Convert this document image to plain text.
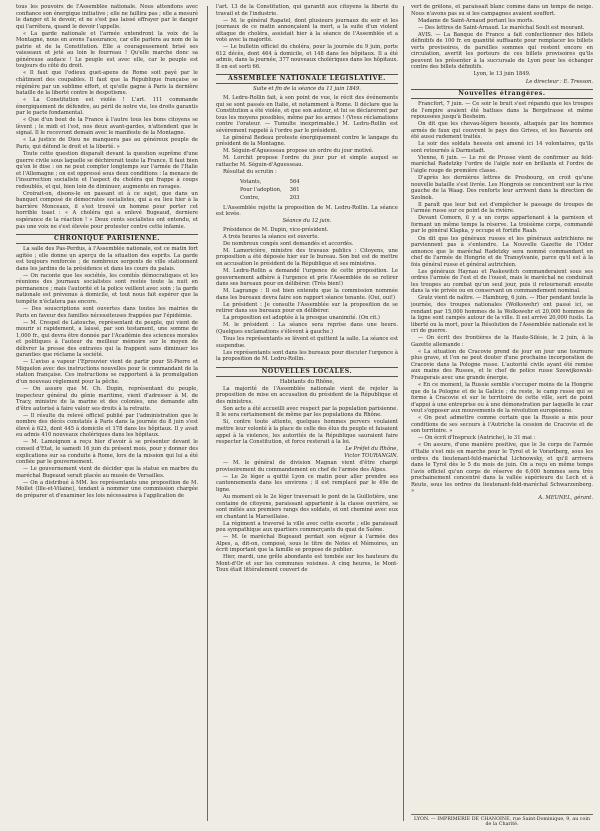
tous les pouvoirs de l'Assemblée nationale. Nous attendons avec confiance son énergique initiative ; elle ne faillira pas ; elle a mesuré le danger et le devoir, et ne s'est pas laissé effrayer par le danger qui l'arrêtera, quand le devoir l'appelle.

« La garde nationale et l'armée entendront la voix de la Montagne, nous en avons l'assurance, car elle parlera au nom de la patrie et de la Constitution. Elle a courageusement brisé ses vaisseaux et jeté au loin le fourreau ! Qu'elle marche donc sa généreuse audace ! Le peuple est avec elle, car le peuple est toujours du côté du droit.

« Il faut que l'odieux guet-apens de Rome soit payé par le châtiment des coupables. Il faut que la République française se régénère par un sublime effort, et qu'elle gagne à Paris la dernière bataille de la liberté contre le despotisme.

« La Constitution est violée ! L'art. 111 commande énergiquement de défendre, au péril de notre vie, les droits garantis par le pacte fondamental.

« Que d'un bout de la France à l'autre tous les bons citoyens se lèvent ; le midi et l'est, nos deux avant-gardes, n'attendent que le signal. Il le recevront demain avec le manifeste de la Montagne.

« La justice de Dieu ne manquera pas au généreux peuple de Paris, qui défend le droit et la liberté. »

Toute cette question disparaît devant la question suprême d'une guerre civile sous laquelle se déchirerait toute la France. Il faut bien qu'on le dise : on ne peut compter longtemps sur l'armée de l'Italie et l'Allemagne ; on est oppressé sous deux conditions : la menace de l'insurrection socialiste et l'aspect du choléra qui frappe à coups redoublés, et qui, bien loin de diminuer, augmente en ravages.

Croirait-on, disons-le en passant et à ce sujet, que dans un banquet composé de démocrates socialistes, qui a eu lieu hier à la barrière Monceaux, il s'est trouvé un homme pour porter cet horrible toast : « A choléra qui a enlevé Bugeaud, derniere espérance de la réaction ! » Deux cents socialistes ont entendu, et pas une voix ne s'est élevée pour protester contre cette infamie.

CHRONIQUE PARISIENNE.

La salle des Pas-Perdus, à l'Assemblée nationale, est ce matin fort agitée ; elle donne un aperçu de la situation des esprits. La garde est toujours renforcée ; de nombreux sergents de ville stationnent dans les jardins de la présidence et dans les cours du palais.

— On raconte que les sociétés, les comités démocratiques et les réunions des journaux socialistes sont restés toute la nuit en permanence ; mais l'autorité et la police veillent avec soin ; la garde nationale est prévenue à domicile, et tout nous fait espérer que la tempête n'éclatera pas encore.

— Des souscriptions sont ouvertes dans toutes les mairies de Paris en faveur des familles nécessiteuses frappées par l'épidémie.

— M. Crespel de Latouche, représentant du peuple, qui vient de mourir si rapidement, a laissé, par son testament, une somme de 1,000 fr., qui devra être donnée par l'Académie des sciences morales et politiques à l'auteur du meilleur mémoire sur le moyen de délivrer la presse des entraves qui la frappent sans diminuer les garanties que réclame la société.

— L'avisо a vapeur l'Eprouvier vient de partir pour St-Pierre et Miquelon avec des instructions nouvelles pour le commandant de la station française. Ces instructions se rapportent à la promulgation d'un nouveau règlement pour la pêche.

— On assure que M. Ch. Dupin, représentant du peuple, inspecteur général du génie maritime, vient d'adresser à M. de Tracy, ministre de la marine et des colonies, une demande afin d'être autorisé à faire valoir ses droits à la retraite.

— Il résulte du relevé officiel publié par l'administration que le nombre des décès constatés à Paris dans la journée du 8 juin s'est élevé à 623, dont 445 à domicile et 178 dans les hôpitaux. Il y avait eu admis 410 nouveaux cholériques dans les hôpitaux.

— M. Lamoignon a reçu hier d'avoir à se présenter devant le conseil d'Etat, le samedi 16 juin du présent mois, pour y donner des explications sur sa conduite à Rome, lors de la mission qui lui a été confiée par le gouvernement.

— Le gouvernement vient de décider que la statue en marbre du maréchal Bugeaud serait placée au musée de Versailles.

— On a distribué à MM. les représentants une proposition de M. Mollet (Ille-et-Vilaine), tendant à nommer une commission chargée de préparer et d'examiner les lois nécessaires à l'application de

l'art. 13 de la Constitution, qui garantit aux citoyens la liberté du travail et de l'industrie.

— M. le général Rapatel, dont plusieurs journaux du soir et les journaux de ce matin annonçaient la mort, a la suite d'un violent attaque de choléra, assistait hier à la séance de l'Assemblée et a voté avec la majorité.

— Le bulletin officiel du choléra, pour la journée du 9 juin, porte 612 décès, dont 464 à domicile, et 148 dans les hôpitaux. Il a été admis, dans la journée, 377 nouveaux cholériques dans les hôpitaux. Il en est sorti 66.

ASSEMBLÉE NATIONALE LÉGISLATIVE.
Suite et fin de la séance du 11 juin 1849.

M. Ledru-Rollin fait, à son point de vue, le récit des événements qui se sont passés en Italie, et notamment à Rome. Il déclare que la Constitution a été violée, et que son auteur, et lui se déclareront par tous les moyens possibles, même par les armes ! (Vives réclamations contre l'orateur. — Tumulte inexprimable.) M. Ledru-Rollin est sévèrement rappelé à l'ordre par le président.

Le général Bedeau proteste énergiquement contre le langage du président de la Montagne.

M. Séguin-d'Aguesseau propose un ordre du jour motivé.

M. Lorchit propose l'ordre du jour pur et simple auquel se rattache M. Séguin-d'Aguesseau.

Résultat du scrutin :

Votants,	564
Pour l'adoption,	361
Contre,	203

L'Assemblée rejette la proposition de M. Ledru-Rollin. La séance est levée.

Séance du 12 juin.

Présidence de M. Dupin, vice-président.

A trois heures la séance est ouverte.

De nombreux congés sont demandés et accordés.

M. Lamoricière, ministre des travaux publics : Citoyens, une proposition a été déposée hier sur le bureau. Son but est de mettre en accusation le président de la République et ses ministres.

M. Ledru-Rollin a demandé l'urgence de cette proposition. Le gouvernement adhère à l'urgence et prie l'Assemblée de se retirer dans ses bureaux pour en délibérer. (Très bien!)

M. Lagrange : Il est bien entendu que la commission nommée dans les bureaux devra faire son rapport séance tenante. (Oui, oui!)

Le président : Je consulte l'Assemblée sur la proposition de se retirer dans ses bureaux pour en délibérer.

La proposition est adoptée à la presque unanimité. (On rit.)

M. le président : La séance sera reprise dans une heure. (Quelques exclamations s'élèvent à gauche.)

Tous les représentants se lèvent et quittent la salle. La séance est suspendue.

Les représentants sont dans les bureaux pour discuter l'urgence à la proposition de M. Ledru-Rollin.

NOUVELLES LOCALES.

Habitants du Rhône,

La majorité de l'Assemblée nationale vient de rejeter la proposition de mise en accusation du président de la République et des ministres.

Son acte a été accueilli avec respect par la population parisienne. Il le sera certainement de même par les populations du Rhône.

Si, contre toute attente, quelques hommes pervers voulaient mettre leur volonté à la place de celle des élus du peuple et faisaient appel à la violence, les autorités de la République sauraient faire respecter la Constitution, et force resterait à la loi.

Le Préfet du Rhône,

Victor TOURANGIN.

— M. le général de division Magnan vient d'être chargé provisoirement du commandement en chef de l'armée des Alpes.

— Le 2e léger a quitté Lyon ce matin pour aller prendre ses cantonnements dans les environs ; il est remplacé par le 49e de ligne.

Au moment où le 2e léger traversait le pont de la Guillotière, une centaine de citoyens, paraissant appartenir à la classe ouvrière, se sont mêlés aux premiers rangs des soldats, et ont cheminé avec eux en chantant la Marseillaise.

La régiment a traversé la ville avec cette escorte ; elle paraissait peu sympathique aux quartiers commerçants du quai de Saône.

— M. le maréchal Bugeaud perdait son séjour à l'armée des Alpes, a, dit-on, composé, sous le titre de Notes et Mémoires, un écrit important que la famille se propose de publier.

Hier, mardi, une grêle abondante est tombée sur les hauteurs du Mont-d'Or et sur les communes voisines. A cinq heures, le Mont-Toux était littéralement couvert de

vert de grêlons, et paraissait blanc comme dans un temps de neige. Nous n'avons pas su si les campagnes avaient souffert.

Madame de Saint-Arnaud portant les morts.

— Des lettres de Saint-Arnaud. Le maréchal Soult est mourant.

AVIS. — La Banque de France a fait confectionner des billets définitifs de 100 fr. en quantité suffisante pour remplacer les billets verts provisoires, de pareilles sommes qui restent encore en circulation, avertit les porteurs de ces billets provisoires qu'ils peuvent les présenter à la succursale de Lyon pour les échanger contre des billets définitifs.

Lyon, le 13 juin 1849.

Le directeur : E. Tresson.

Nouvelles étrangères.

Francfort, 7 juin. — Ce soir le bruit s'est répandu que les troupes de l'empire avaient été battues dans la Bergstrasse et même repoussées jusqu'à Besheim.

On dit que les chevau-légers hessois, attaqués par les hommes armés de faux qui couvrent le pays des Grives, et les Bavarois ont été aussi rudement traités.

Le soir des soldats hessois ont amené ici 14 volontaires, qu'ils sont retournés à Darmstadt.

Vienne, 6 juin. — Le roi de Prusse vient de confirmer au feld-maréchal Radetzky l'ordre de l'aigle noir en brillants et l'ordre de l'aigle rouge de première classe.

D'après les dernières lettres de Presbourg, on croit qu'une nouvelle bataille s'est livrée. Les Hongrois se concentrent sur la rive gauche de la Waag. Des renforts leur arrivent dans la direction de Szolnok.

Il paraît que leur but est d'empêcher le passage de troupes de l'armée russe sur ce point de la rivière.

Devant Comorn, il y a un corps appartenant à la garnison et formant un même temps la réserve. La troisième corps, commandé par le général Klapka, y occupe et fortifie Raab.

On dit que les généraux russes et les généraux autrichiens ne parviennent pas à s'entendre. La Nouvelle Gazette de l'Oder annonce que le maréchal Radetzky sera nommé commandant en chef de l'armée de Hongrie et de Transylvanie, parce qu'il est à la fois général russe et général autrichien.

Les généraux Haynau et Paskewitch commanderaient sous ses ordres l'armée de l'est et de l'ouest, mais le maréchal ne conduirait les troupes au combat qu'un seul jour, puis il retournerait ensuite dans la vie privée ou en conservant un commandement nominal.

Gratz vient de naître. — Hamburg, 6 juin. — Hier pendant toute la journée, des troupes nationales (Wolkswehr) ont passé ici, se rendant par 15,000 hommes de la Wolkswehr et 20,000 hommes de la ligne sont campés autour de la ville. Il est arrivé 20,000 fusils. La liberté ou la mort, pour la Résolution de l'Assemblée nationale est le cri de guerre.

— On écrit des frontières de la Haute-Silésie, le 2 juin, à la Gazette allemande :

« La situation de Cracovie prend de jour en jour une tournure plus grave, et l'on ne peut douter d'une prochaine incorporation de Cracovie dans la Pologne russe. L'autorité civile ayant été remise aux mains des Russes, et le chef de police russe Szewijkowski-Fraugerais avec une grande énergie.

« En ce moment, la Russie semble s'occuper moins de la Hongrie que de la Pologne et de la Galicie ; du reste, le camp russe qui se forme à Cracovie et sur le territoire de cette ville, sert de point d'appui à une entreprise ou à une démonstration par laquelle le czar veut s'opposer aux mouvements de la révolution européenne.

« On peut admettre comme certain que la Russie a mis pour conditions de ses secours à l'Autriche la cession de Cracovie et de son territoire. »

— On écrit d'Inspruck (Autriche), le 31 mai :

« On assure, d'une manière positive, que le 3e corps de l'armée d'Italie s'est mis en marche pour le Tyrol et le Vorarlberg, sous les ordres du lieutenant-feld-maréchal Lichnowsky, et qu'il arrivera dans le Tyrol dès le 5 du mois de juin. On a reçu en même temps l'avis officiel qu'un corps de réserve de 6,000 hommes sera très prochainement concentré dans la vallée supérieure du Lech et à Reute, sous les ordres du lieutenant-feld-maréchal Schwarzenberg. »

A. MEUNEL, gérant.

LYON. — IMPRIMERIE DE CHANOINE, rue Saint-Dominique, 9, au coin de la Charité.
